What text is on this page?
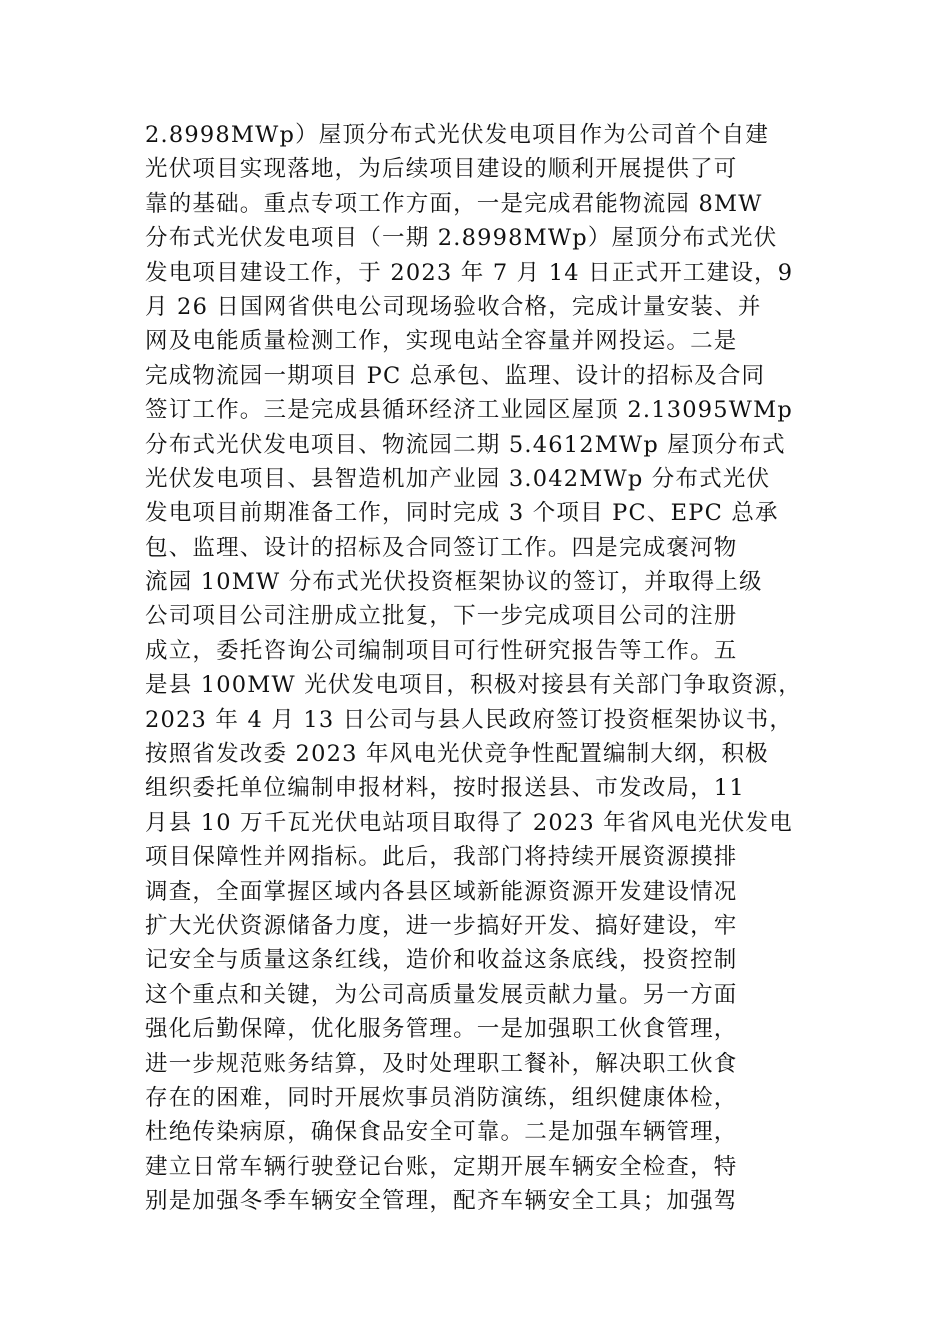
2.8998MWp）屋顶分布式光伏发电项目作为公司首个自建
光伏项目实现落地，为后续项目建设的顺利开展提供了可
靠的基础。重点专项工作方面，一是完成君能物流园 8MW
分布式光伏发电项目（一期 2.8998MWp）屋顶分布式光伏
发电项目建设工作，于 2023 年 7 月 14 日正式开工建设，9
月 26 日国网省供电公司现场验收合格，完成计量安装、并
网及电能质量检测工作，实现电站全容量并网投运。二是
完成物流园一期项目 PC 总承包、监理、设计的招标及合同
签订工作。三是完成县循环经济工业园区屋顶 2.13095WMp
分布式光伏发电项目、物流园二期 5.4612MWp 屋顶分布式
光伏发电项目、县智造机加产业园 3.042MWp 分布式光伏
发电项目前期准备工作，同时完成 3 个项目 PC、EPC 总承
包、监理、设计的招标及合同签订工作。四是完成褒河物
流园 10MW 分布式光伏投资框架协议的签订，并取得上级
公司项目公司注册成立批复，下一步完成项目公司的注册
成立，委托咨询公司编制项目可行性研究报告等工作。五
是县 100MW 光伏发电项目，积极对接县有关部门争取资源，
2023 年 4 月 13 日公司与县人民政府签订投资框架协议书，
按照省发改委 2023 年风电光伏竞争性配置编制大纲，积极
组织委托单位编制申报材料，按时报送县、市发改局，11
月县 10 万千瓦光伏电站项目取得了 2023 年省风电光伏发电
项目保障性并网指标。此后，我部门将持续开展资源摸排
调查，全面掌握区域内各县区域新能源资源开发建设情况
扩大光伏资源储备力度，进一步搞好开发、搞好建设，牢
记安全与质量这条红线，造价和收益这条底线，投资控制
这个重点和关键，为公司高质量发展贡献力量。另一方面
强化后勤保障，优化服务管理。一是加强职工伙食管理，
进一步规范账务结算，及时处理职工餐补，解决职工伙食
存在的困难，同时开展炊事员消防演练，组织健康体检，
杜绝传染病原，确保食品安全可靠。二是加强车辆管理，
建立日常车辆行驶登记台账，定期开展车辆安全检查，特
别是加强冬季车辆安全管理，配齐车辆安全工具；加强驾
